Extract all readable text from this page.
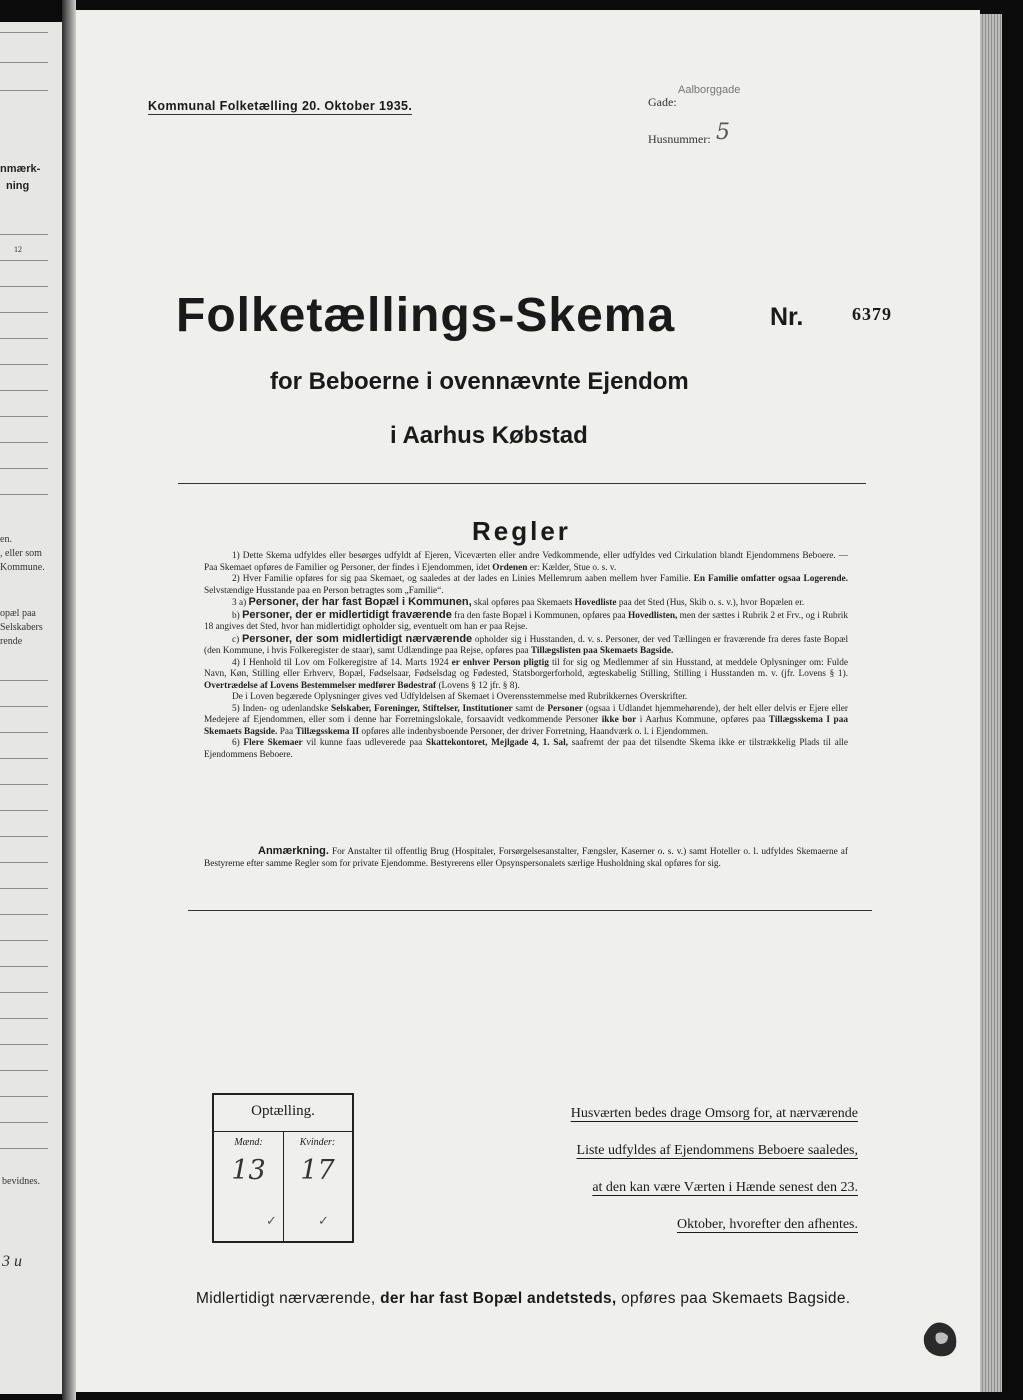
nmærk-
ning
12
en.
, eller som
Kommune.
opæl paa
Selskabers
rende
bevidnes.
3 u
Kommunal Folketælling 20. Oktober 1935.	Gade:
Aalborggade
Husnummer: 5
Folketællings-Skema	Nr.	6379
for Beboerne i ovennævnte Ejendom
i Aarhus Købstad
Regler

1) Dette Skema udfyldes eller besørges udfyldt af Ejeren, Viceværten eller andre Vedkommende, eller udfyldes ved Cirkulation blandt Ejendommens Beboere. — Paa Skemaet opføres de Familier og Personer, der findes i Ejendommen, idet Ordenen er: Kælder, Stue o. s. v.

2) Hver Familie opføres for sig paa Skemaet, og saaledes at der lades en Linies Mellemrum aaben mellem hver Familie. En Familie omfatter ogsaa Logerende. Selvstændige Husstande paa en Person betragtes som „Familie“.

3 a) Personer, der har fast Bopæl i Kommunen, skal opføres paa Skemaets Hovedliste paa det Sted (Hus, Skib o. s. v.), hvor Bopælen er.

b) Personer, der er midlertidigt fraværende fra den faste Bopæl i Kommunen, opføres paa Hovedlisten, men der sættes i Rubrik 2 et Frv., og i Rubrik 18 angives det Sted, hvor han midlertidigt opholder sig, eventuelt om han er paa Rejse.

c) Personer, der som midlertidigt nærværende opholder sig i Husstanden, d. v. s. Personer, der ved Tællingen er fraværende fra deres faste Bopæl (den Kommune, i hvis Folkeregister de staar), samt Udlændinge paa Rejse, opføres paa Tillægslisten paa Skemaets Bagside.

4) I Henhold til Lov om Folkeregistre af 14. Marts 1924 er enhver Person pligtig til for sig og Medlemmer af sin Husstand, at meddele Oplysninger om: Fulde Navn, Køn, Stilling eller Erhverv, Bopæl, Fødselsaar, Fødselsdag og Fødested, Statsborgerforhold, ægteskabelig Stilling, Stilling i Husstanden m. v. (jfr. Lovens § 1). Overtrædelse af Lovens Bestemmelser medfører Bødestraf (Lovens § 12 jfr. § 8).

De i Loven begærede Oplysninger gives ved Udfyldelsen af Skemaet i Overensstemmelse med Rubrikkernes Overskrifter.

5) Inden- og udenlandske Selskaber, Foreninger, Stiftelser, Institutioner samt de Personer (ogsaa i Udlandet hjemmehørende), der helt eller delvis er Ejere eller Medejere af Ejendommen, eller som i denne har Forretningslokale, forsaavidt vedkommende Personer ikke bor i Aarhus Kommune, opføres paa Tillægsskema I paa Skemaets Bagside. Paa Tillægsskema II opføres alle indenbysboende Personer, der driver Forretning, Haandværk o. l. i Ejendommen.

6) Flere Skemaer vil kunne faas udleverede paa Skattekontoret, Mejlgade 4, 1. Sal, saafremt der paa det tilsendte Skema ikke er tilstrækkelig Plads til alle Ejendommens Beboere.

Anmærkning. For Anstalter til offentlig Brug (Hospitaler, Forsørgelsesanstalter, Fængsler, Kaserner o. s. v.) samt Hoteller o. l. udfyldes Skemaerne af Bestyrerne efter samme Regler som for private Ejendomme. Bestyrerens eller Opsynspersonalets særlige Husholdning skal opføres for sig.
Optælling.
Mænd:	Kvinder:
13	17
✓	✓
Husværten bedes drage Omsorg for, at nærværende
Liste udfyldes af Ejendommens Beboere saaledes,
at den kan være Værten i Hænde senest den 23.
Oktober, hvorefter den afhentes.
Midlertidigt nærværende, der har fast Bopæl andetsteds, opføres paa Skemaets Bagside.
